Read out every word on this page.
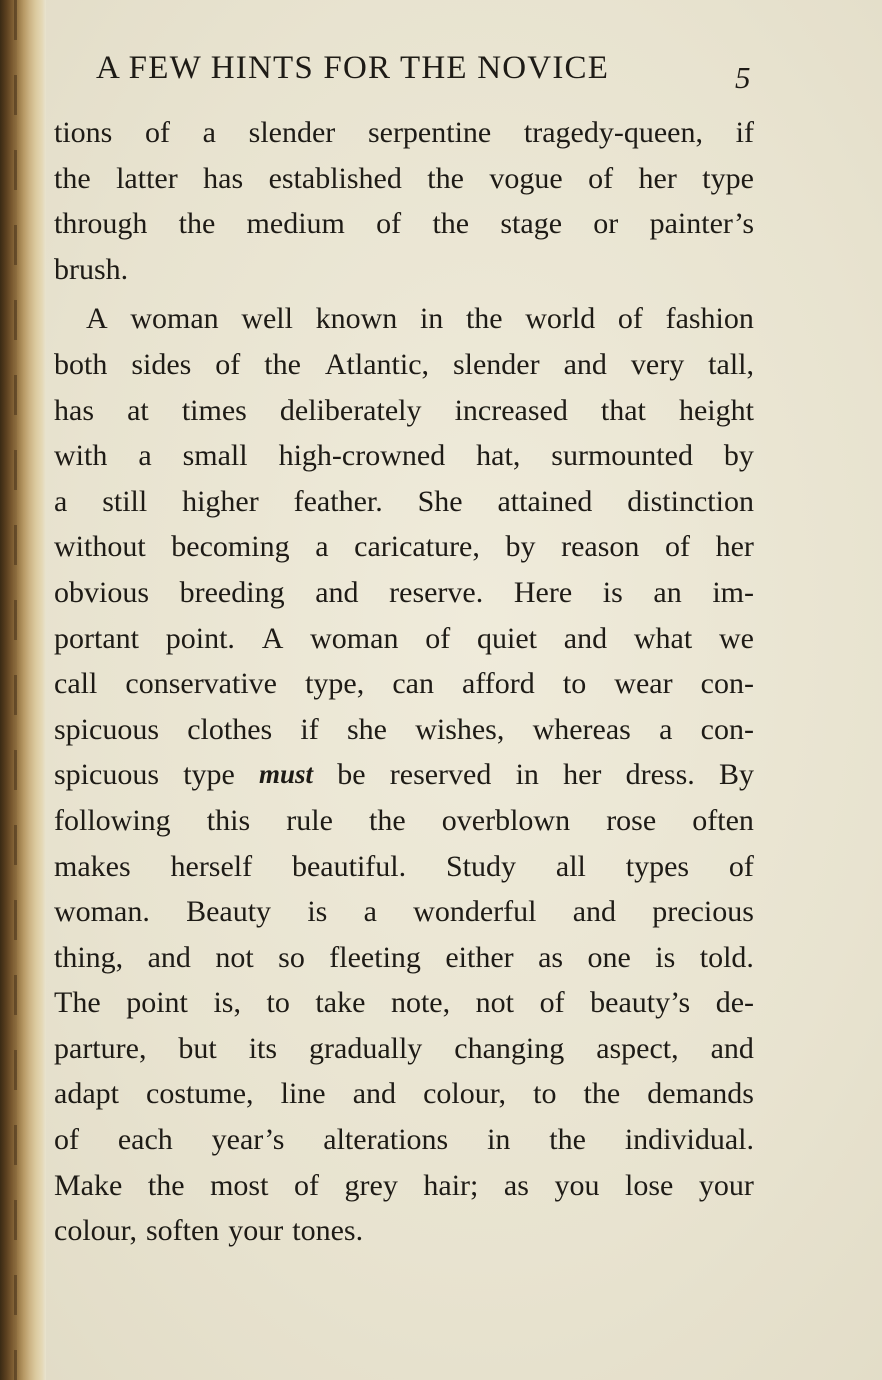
A FEW HINTS FOR THE NOVICE	5
tions of a slender serpentine tragedy-queen, if
the latter has established the vogue of her type
through the medium of the stage or painter’s
brush.
A woman well known in the world of fashion
both sides of the Atlantic, slender and very tall,
has at times deliberately increased that height
with a small high-crowned hat, surmounted by
a still higher feather. She attained distinction
without becoming a caricature, by reason of her
obvious breeding and reserve. Here is an im-
portant point. A woman of quiet and what we
call conservative type, can afford to wear con-
spicuous clothes if she wishes, whereas a con-
spicuous type must be reserved in her dress. By
following this rule the overblown rose often
makes herself beautiful. Study all types of
woman. Beauty is a wonderful and precious
thing, and not so fleeting either as one is told.
The point is, to take note, not of beauty’s de-
parture, but its gradually changing aspect, and
adapt costume, line and colour, to the demands
of each year’s alterations in the individual.
Make the most of grey hair; as you lose your
colour, soften your tones.
